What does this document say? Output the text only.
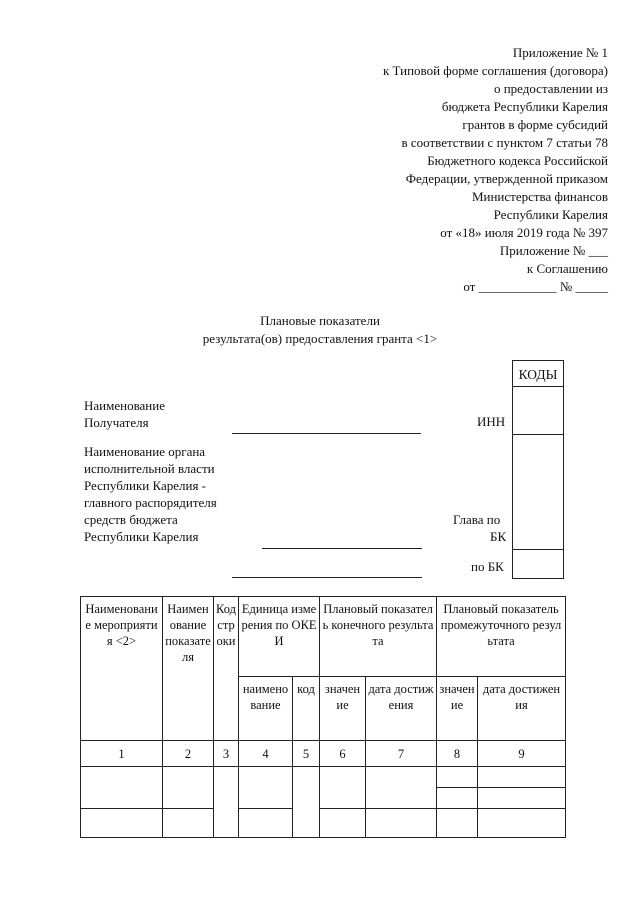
Приложение № 1
к Типовой форме соглашения (договора)
о предоставлении из
бюджета Республики Карелия
грантов в форме субсидий
в соответствии с пунктом 7 статьи 78
Бюджетного кодекса Российской
Федерации, утвержденной приказом
Министерства финансов
Республики Карелия
от «18» июля 2019 года № 397
Приложение № ___
к Соглашению
от ____________ № _____
Плановые показатели
результата(ов) предоставления гранта <1>
КОДЫ
Наименование
Получателя	ИНН
Наименование органа
исполнительной власти
Республики Карелия -
главного распорядителя
средств бюджета
Республики Карелия
Глава по
БК
по БК
Наименование мероприятия <2>	Наименование показателя	Код строки	Единица измерения по ОКЕИ		Плановый показатель конечного результата		Плановый показатель промежуточного результата	
			наименование	код	значение	дата достижения	значение	дата достижения
1	2	3	4	5	6	7	8	9
